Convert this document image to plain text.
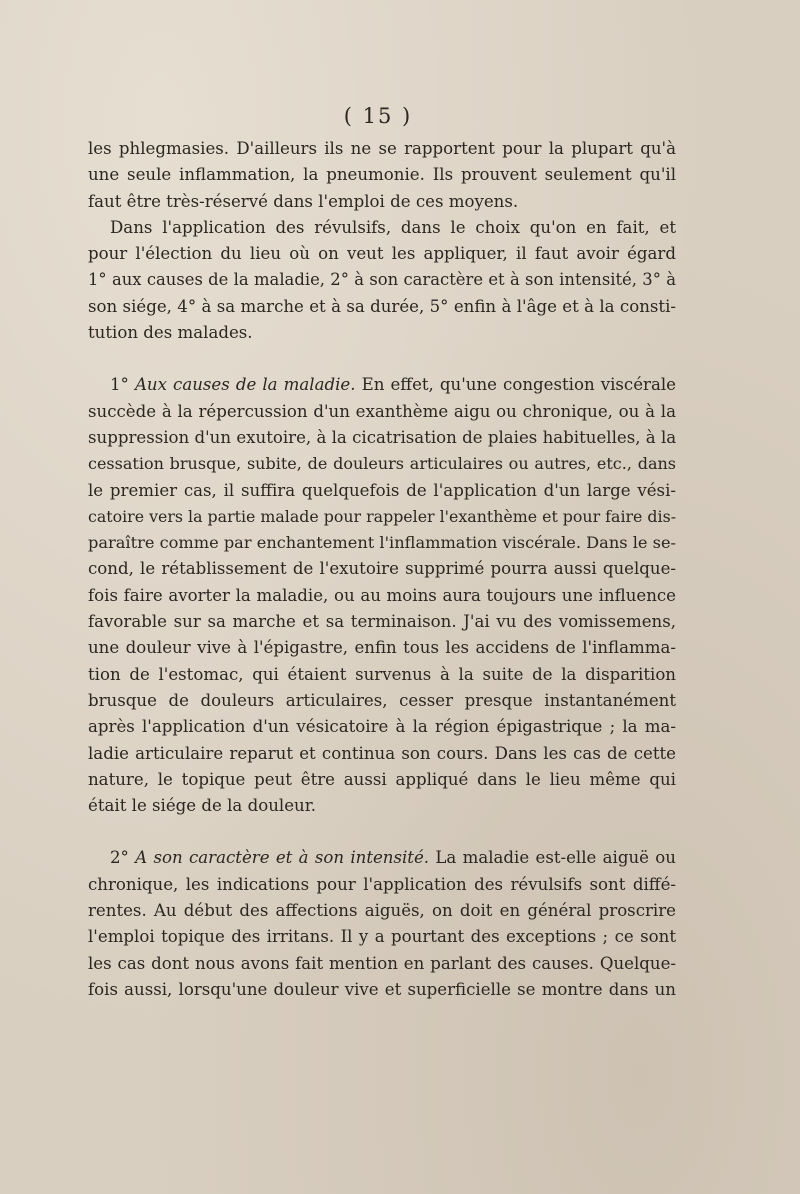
( 15 )
les phlegmasies. D'ailleurs ils ne se rapportent pour la plupart qu'à
une seule inflammation, la pneumonie. Ils prouvent seulement qu'il
faut être très-réservé dans l'emploi de ces moyens.
Dans l'application des révulsifs, dans le choix qu'on en fait, et
pour l'élection du lieu où on veut les appliquer, il faut avoir égard
1° aux causes de la maladie, 2° à son caractère et à son intensité, 3° à
son siége, 4° à sa marche et à sa durée, 5° enfin à l'âge et à la consti-
tution des malades.
1° Aux causes de la maladie. En effet, qu'une congestion viscérale
succède à la répercussion d'un exanthème aigu ou chronique, ou à la
suppression d'un exutoire, à la cicatrisation de plaies habituelles, à la
cessation brusque, subite, de douleurs articulaires ou autres, etc., dans
le premier cas, il suffira quelquefois de l'application d'un large vési-
catoire vers la partie malade pour rappeler l'exanthème et pour faire dis-
paraître comme par enchantement l'inflammation viscérale. Dans le se-
cond, le rétablissement de l'exutoire supprimé pourra aussi quelque-
fois faire avorter la maladie, ou au moins aura toujours une influence
favorable sur sa marche et sa terminaison. J'ai vu des vomissemens,
une douleur vive à l'épigastre, enfin tous les accidens de l'inflamma-
tion de l'estomac, qui étaient survenus à la suite de la disparition
brusque de douleurs articulaires, cesser presque instantanément
après l'application d'un vésicatoire à la région épigastrique ; la ma-
ladie articulaire reparut et continua son cours. Dans les cas de cette
nature, le topique peut être aussi appliqué dans le lieu même qui
était le siége de la douleur.
2° A son caractère et à son intensité. La maladie est-elle aiguë ou
chronique, les indications pour l'application des révulsifs sont diffé-
rentes. Au début des affections aiguës, on doit en général proscrire
l'emploi topique des irritans. Il y a pourtant des exceptions ; ce sont
les cas dont nous avons fait mention en parlant des causes. Quelque-
fois aussi, lorsqu'une douleur vive et superficielle se montre dans un
